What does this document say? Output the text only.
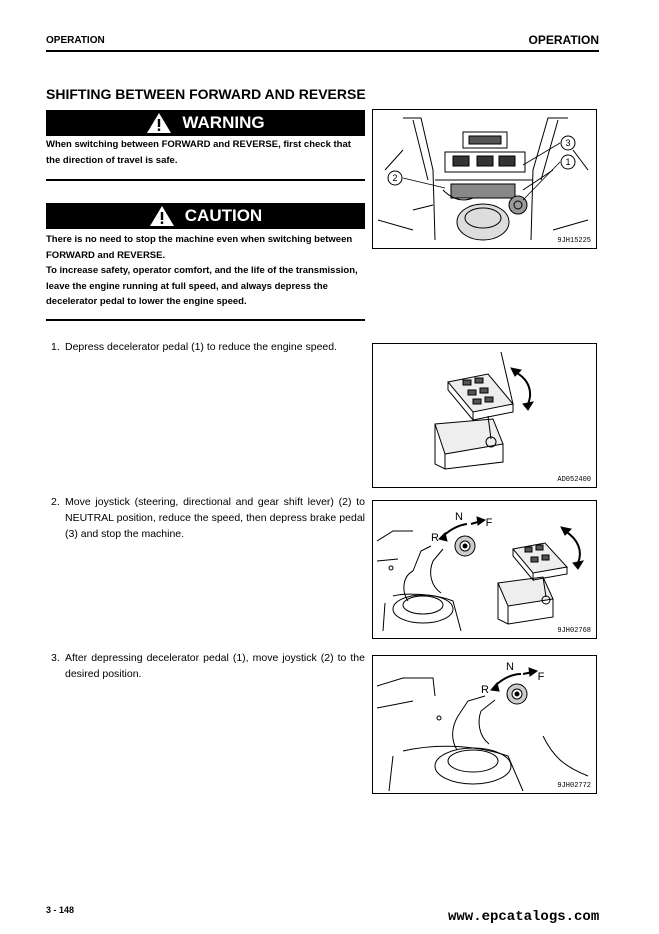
OPERATION	OPERATION
SHIFTING BETWEEN FORWARD AND REVERSE
WARNING

When switching between FORWARD and REVERSE, first check that the direction of travel is safe.

CAUTION

There is no need to stop the machine even when switching between FORWARD and REVERSE.

To increase safety, operator comfort, and the life of the transmission, leave the engine running at full speed, and always depress the decelerator pedal to lower the engine speed.

2
3
1
9JH15225
1. Depress decelerator pedal (1) to reduce the engine speed.
AD052400
2. Move joystick (steering, directional and gear shift lever) (2) to NEUTRAL position, reduce the speed, then depress brake pedal (3) and stop the machine.
N
R
F
9JH02768
3. After depressing decelerator pedal (1), move joystick (2) to the desired position.
N
R
F
9JH02772
3 - 148	www.epcatalogs.com
